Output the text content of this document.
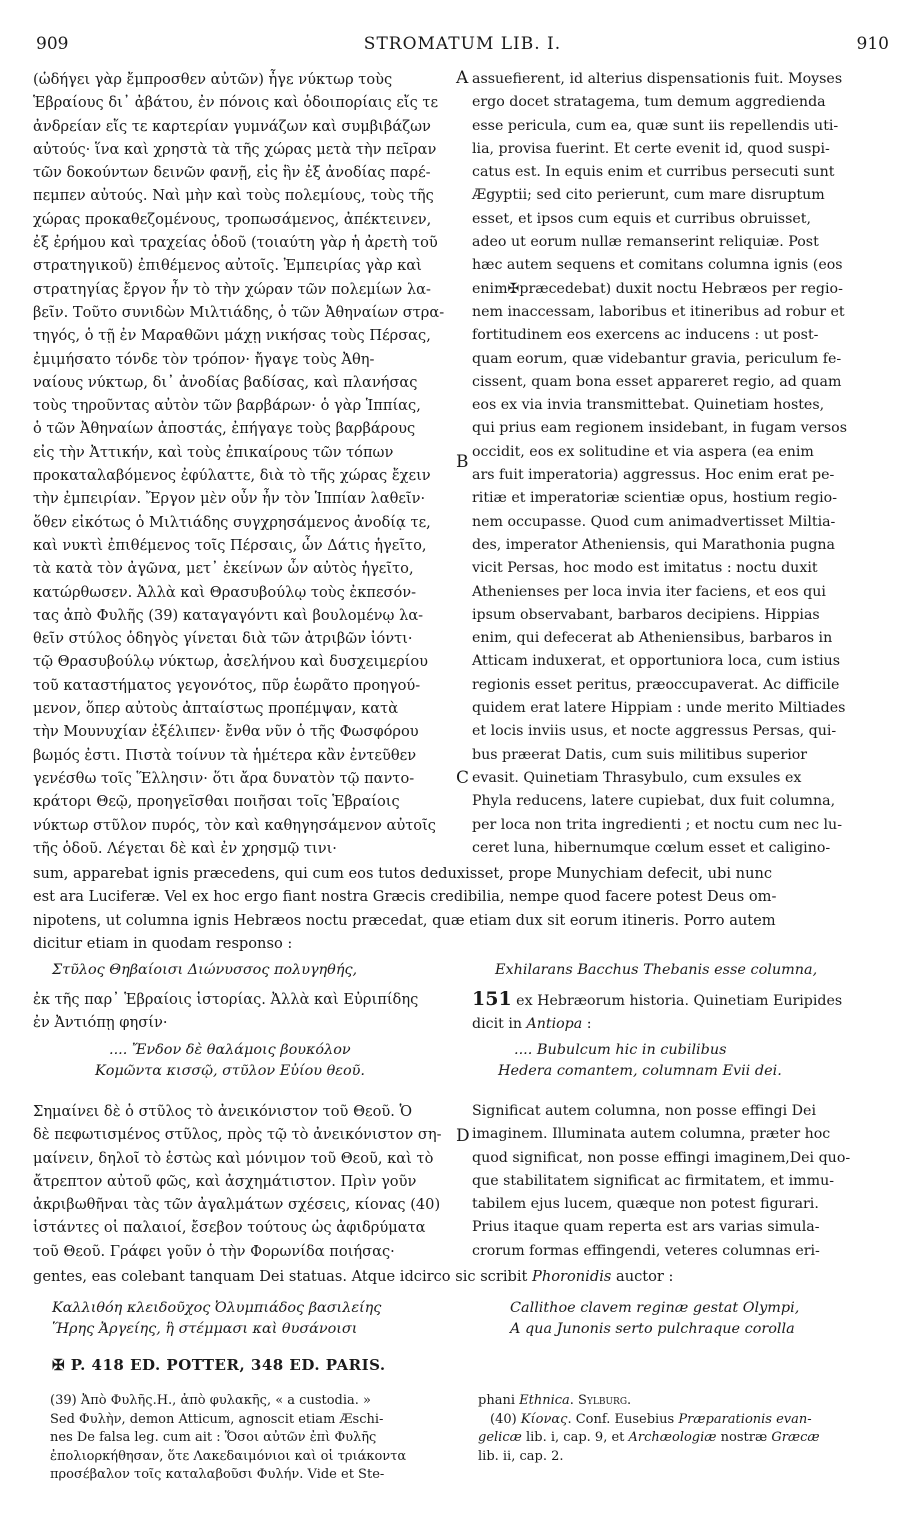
909	STROMATUM LIB. I.	910

(ὡδήγει γὰρ ἔμπροσθεν αὐτῶν) ἦγε νύκτωρ τοὺς

Ἑβραίους δι᾽ ἀβάτου, ἐν πόνοις καὶ ὁδοιπορίαις εἴς τε

ἀνδρείαν εἴς τε καρτερίαν γυμνάζων καὶ συμβιβάζων

αὐτούς· ἵνα καὶ χρηστὰ τὰ τῆς χώρας μετὰ τὴν πεῖραν

τῶν δοκούντων δεινῶν φανῇ, εἰς ἣν ἐξ ἀνοδίας παρέ-

πεμπεν αὐτούς. Ναὶ μὴν καὶ τοὺς πολεμίους, τοὺς τῆς

χώρας προκαθεζομένους, τροπωσάμενος, ἀπέκτεινεν,

ἐξ ἐρήμου καὶ τραχείας ὁδοῦ (τοιαύτη γὰρ ἡ ἀρετὴ τοῦ

στρατηγικοῦ) ἐπιθέμενος αὐτοῖς. Ἐμπειρίας γὰρ καὶ

στρατηγίας ἔργον ἦν τὸ τὴν χώραν τῶν πολεμίων λα-

βεῖν. Τοῦτο συνιδὼν Μιλτιάδης, ὁ τῶν Ἀθηναίων στρα-

τηγός, ὁ τῇ ἐν Μαραθῶνι μάχῃ νικήσας τοὺς Πέρσας,

ἐμιμήσατο τόνδε τὸν τρόπον· ἤγαγε τοὺς Ἀθη-

ναίους νύκτωρ, δι᾽ ἀνοδίας βαδίσας, καὶ πλανήσας

τοὺς τηροῦντας αὐτὸν τῶν βαρβάρων· ὁ γὰρ Ἱππίας,

ὁ τῶν Ἀθηναίων ἀποστάς, ἐπήγαγε τοὺς βαρβάρους

εἰς τὴν Ἀττικήν, καὶ τοὺς ἐπικαίρους τῶν τόπων

προκαταλαβόμενος ἐφύλαττε, διὰ τὸ τῆς χώρας ἔχειν

τὴν ἐμπειρίαν. Ἔργον μὲν οὖν ἦν τὸν Ἱππίαν λαθεῖν·

ὅθεν εἰκότως ὁ Μιλτιάδης συγχρησάμενος ἀνοδίᾳ τε,

καὶ νυκτὶ ἐπιθέμενος τοῖς Πέρσαις, ὧν Δάτις ἡγεῖτο,

τὰ κατὰ τὸν ἀγῶνα, μετ᾽ ἐκείνων ὧν αὐτὸς ἡγεῖτο,

κατώρθωσεν. Ἀλλὰ καὶ Θρασυβούλῳ τοὺς ἐκπεσόν-

τας ἀπὸ Φυλῆς (39) καταγαγόντι καὶ βουλομένῳ λα-

θεῖν στύλος ὁδηγὸς γίνεται διὰ τῶν ἀτριβῶν ἰόντι·

τῷ Θρασυβούλῳ νύκτωρ, ἀσελήνου καὶ δυσχειμερίου

τοῦ καταστήματος γεγονότος, πῦρ ἑωρᾶτο προηγού-

μενον, ὅπερ αὐτοὺς ἀπταίστως προπέμψαν, κατὰ

τὴν Μουνυχίαν ἐξέλιπεν· ἔνθα νῦν ὁ τῆς Φωσφόρου

βωμός ἐστι. Πιστὰ τοίνυν τὰ ἡμέτερα κἂν ἐντεῦθεν

γενέσθω τοῖς Ἕλλησιν· ὅτι ἄρα δυνατὸν τῷ παντο-

κράτορι Θεῷ, προηγεῖσθαι ποιῆσαι τοῖς Ἑβραίοις

νύκτωρ στῦλον πυρός, τὸν καὶ καθηγησάμενον αὐτοῖς

τῆς ὁδοῦ. Λέγεται δὲ καὶ ἐν χρησμῷ τινι·

A
B
C
D

assuefierent, id alterius dispensationis fuit. Moyses

ergo docet stratagema, tum demum aggredienda

esse pericula, cum ea, quæ sunt iis repellendis uti-

lia, provisa fuerint. Et certe evenit id, quod suspi-

catus est. In equis enim et curribus persecuti sunt

Ægyptii; sed cito perierunt, cum mare disruptum

esset, et ipsos cum equis et curribus obruisset,

adeo ut eorum nullæ remanserint reliquiæ. Post

hæc autem sequens et comitans columna ignis (eos

enim✠præcedebat) duxit noctu Hebræos per regio-

nem inaccessam, laboribus et itineribus ad robur et

fortitudinem eos exercens ac inducens : ut post-

quam eorum, quæ videbantur gravia, periculum fe-

cissent, quam bona esset appareret regio, ad quam

eos ex via invia transmittebat. Quinetiam hostes,

qui prius eam regionem insidebant, in fugam versos

occidit, eos ex solitudine et via aspera (ea enim

ars fuit imperatoria) aggressus. Hoc enim erat pe-

ritiæ et imperatoriæ scientiæ opus, hostium regio-

nem occupasse. Quod cum animadvertisset Miltia-

des, imperator Atheniensis, qui Marathonia pugna

vicit Persas, hoc modo est imitatus : noctu duxit

Athenienses per loca invia iter faciens, et eos qui

ipsum observabant, barbaros decipiens. Hippias

enim, qui defecerat ab Atheniensibus, barbaros in

Atticam induxerat, et opportuniora loca, cum istius

regionis esset peritus, præoccupaverat. Ac difficile

quidem erat latere Hippiam : unde merito Miltiades

et locis inviis usus, et nocte aggressus Persas, qui-

bus præerat Datis, cum suis militibus superior

evasit. Quinetiam Thrasybulo, cum exsules ex

Phyla reducens, latere cupiebat, dux fuit columna,

per loca non trita ingredienti ; et noctu cum nec lu-

ceret luna, hibernumque cœlum esset et caligino-

sum, apparebat ignis præcedens, qui cum eos tutos deduxisset, prope Munychiam defecit, ubi nunc
est ara Luciferæ. Vel ex hoc ergo fiant nostra Græcis credibilia, nempe quod facere potest Deus om-
nipotens, ut columna ignis Hebræos noctu præcedat, quæ etiam dux sit eorum itineris. Porro autem
dicitur etiam in quodam responso :
Στῦλος Θηβαίοισι Διώνυσσος πολυγηθής,	Exhilarans Bacchus Thebanis esse columna,

ἐκ τῆς παρ᾽ Ἑβραίοις ἱστορίας. Ἀλλὰ καὶ Εὐριπίδης

ἐν Ἀντιόπῃ φησίν·

151 ex Hebræorum historia. Quinetiam Euripides

dicit in Antiopa :

.... Ἔνδον δὲ θαλάμοις βουκόλον

Κομῶντα κισσῷ, στῦλον Εὐίου θεοῦ.

.... Bubulcum hic in cubilibus

Hedera comantem, columnam Evii dei.

Σημαίνει δὲ ὁ στῦλος τὸ ἀνεικόνιστον τοῦ Θεοῦ. Ὁ

δὲ πεφωτισμένος στῦλος, πρὸς τῷ τὸ ἀνεικόνιστον ση-

μαίνειν, δηλοῖ τὸ ἑστὼς καὶ μόνιμον τοῦ Θεοῦ, καὶ τὸ

ἄτρεπτον αὐτοῦ φῶς, καὶ ἀσχημάτιστον. Πρὶν γοῦν

ἀκριβωθῆναι τὰς τῶν ἀγαλμάτων σχέσεις, κίονας (40)

ἱστάντες οἱ παλαιοί, ἔσεβον τούτους ὡς ἀφιδρύματα

τοῦ Θεοῦ. Γράφει γοῦν ὁ τὴν Φορωνίδα ποιήσας·

Significat autem columna, non posse effingi Dei

imaginem. Illuminata autem columna, præter hoc

quod significat, non posse effingi imaginem,Dei quo-

que stabilitatem significat ac firmitatem, et immu-

tabilem ejus lucem, quæque non potest figurari.

Prius itaque quam reperta est ars varias simula-

crorum formas effingendi, veteres columnas eri-

gentes, eas colebant tanquam Dei statuas. Atque idcirco sic scribit Phoronidis auctor :

Καλλιθόη κλειδοῦχος Ὀλυμπιάδος βασιλείης

Ἥρης Ἀργείης, ἣ στέμμασι καὶ θυσάνοισι

Callithoe clavem reginæ gestat Olympi,

A qua Junonis serto pulchraque corolla

✠ P. 418 ED. POTTER, 348 ED. PARIS.

(39) Ἀπὸ Φυλῆς.H., ἀπὸ φυλακῆς, « a custodia. »

Sed Φυλὴν, demon Atticum, agnoscit etiam Æschi-

nes De falsa leg. cum ait : Ὅσοι αὐτῶν ἐπὶ Φυλῆς

ἐπολιορκήθησαν, ὅτε Λακεδαιμόνιοι καὶ οἱ τριάκοντα

προσέβαλον τοῖς καταλαβοῦσι Φυλήν. Vide et Ste-

phani Ethnica. Sylburg.

(40) Κίονας. Conf. Eusebius Præparationis evan-

gelicæ lib. i, cap. 9, et Archæologiæ nostræ Græcæ

lib. ii, cap. 2.
